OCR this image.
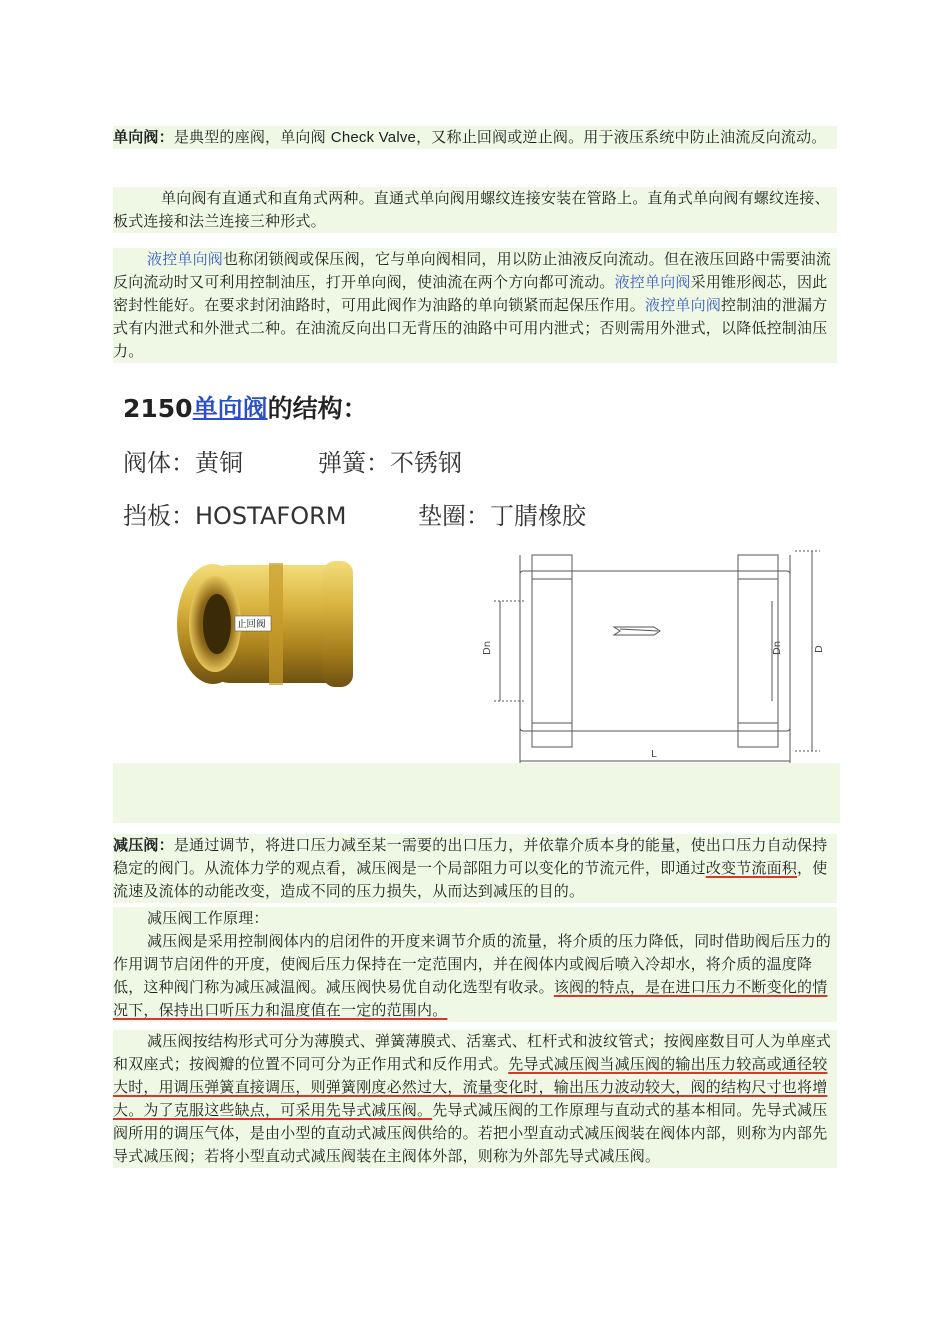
单向阀：是典型的座阀，单向阀 Check Valve，又称止回阀或逆止阀。用于液压系统中防止油流反向流动。

单向阀有直通式和直角式两种。直通式单向阀用螺纹连接安装在管路上。直角式单向阀有螺纹连接、板式连接和法兰连接三种形式。

液控单向阀也称闭锁阀或保压阀，它与单向阀相同，用以防止油液反向流动。但在液压回路中需要油流反向流动时又可利用控制油压，打开单向阀，使油流在两个方向都可流动。液控单向阀采用锥形阀芯，因此密封性能好。在要求封闭油路时，可用此阀作为油路的单向锁紧而起保压作用。液控单向阀控制油的泄漏方式有内泄式和外泄式二种。在油流反向出口无背压的油路中可用内泄式；否则需用外泄式，以降低控制油压力。

2150单向阀的结构：
阀体：黄铜	弹簧：不锈钢
挡板：HOSTAFORM	垫圈：丁腈橡胶
止回阀
Dn	Dn	D
L

减压阀：是通过调节，将进口压力减至某一需要的出口压力，并依靠介质本身的能量，使出口压力自动保持稳定的阀门。从流体力学的观点看，减压阀是一个局部阻力可以变化的节流元件，即通过改变节流面积，使流速及流体的动能改变，造成不同的压力损失，从而达到减压的目的。

减压阀工作原理：

减压阀是采用控制阀体内的启闭件的开度来调节介质的流量，将介质的压力降低，同时借助阀后压力的作用调节启闭件的开度，使阀后压力保持在一定范围内，并在阀体内或阀后喷入冷却水，将介质的温度降低，这种阀门称为减压减温阀。减压阀快易优自动化选型有收录。该阀的特点，是在进口压力不断变化的情况下，保持出口听压力和温度值在一定的范围内。

减压阀按结构形式可分为薄膜式、弹簧薄膜式、活塞式、杠杆式和波纹管式；按阀座数目可人为单座式和双座式；按阀瓣的位置不同可分为正作用式和反作用式。先导式减压阀当减压阀的输出压力较高或通径较大时，用调压弹簧直接调压，则弹簧刚度必然过大，流量变化时，输出压力波动较大，阀的结构尺寸也将增大。为了克服这些缺点，可采用先导式减压阀。先导式减压阀的工作原理与直动式的基本相同。先导式减压阀所用的调压气体，是由小型的直动式减压阀供给的。若把小型直动式减压阀装在阀体内部，则称为内部先导式减压阀；若将小型直动式减压阀装在主阀体外部，则称为外部先导式减压阀。
